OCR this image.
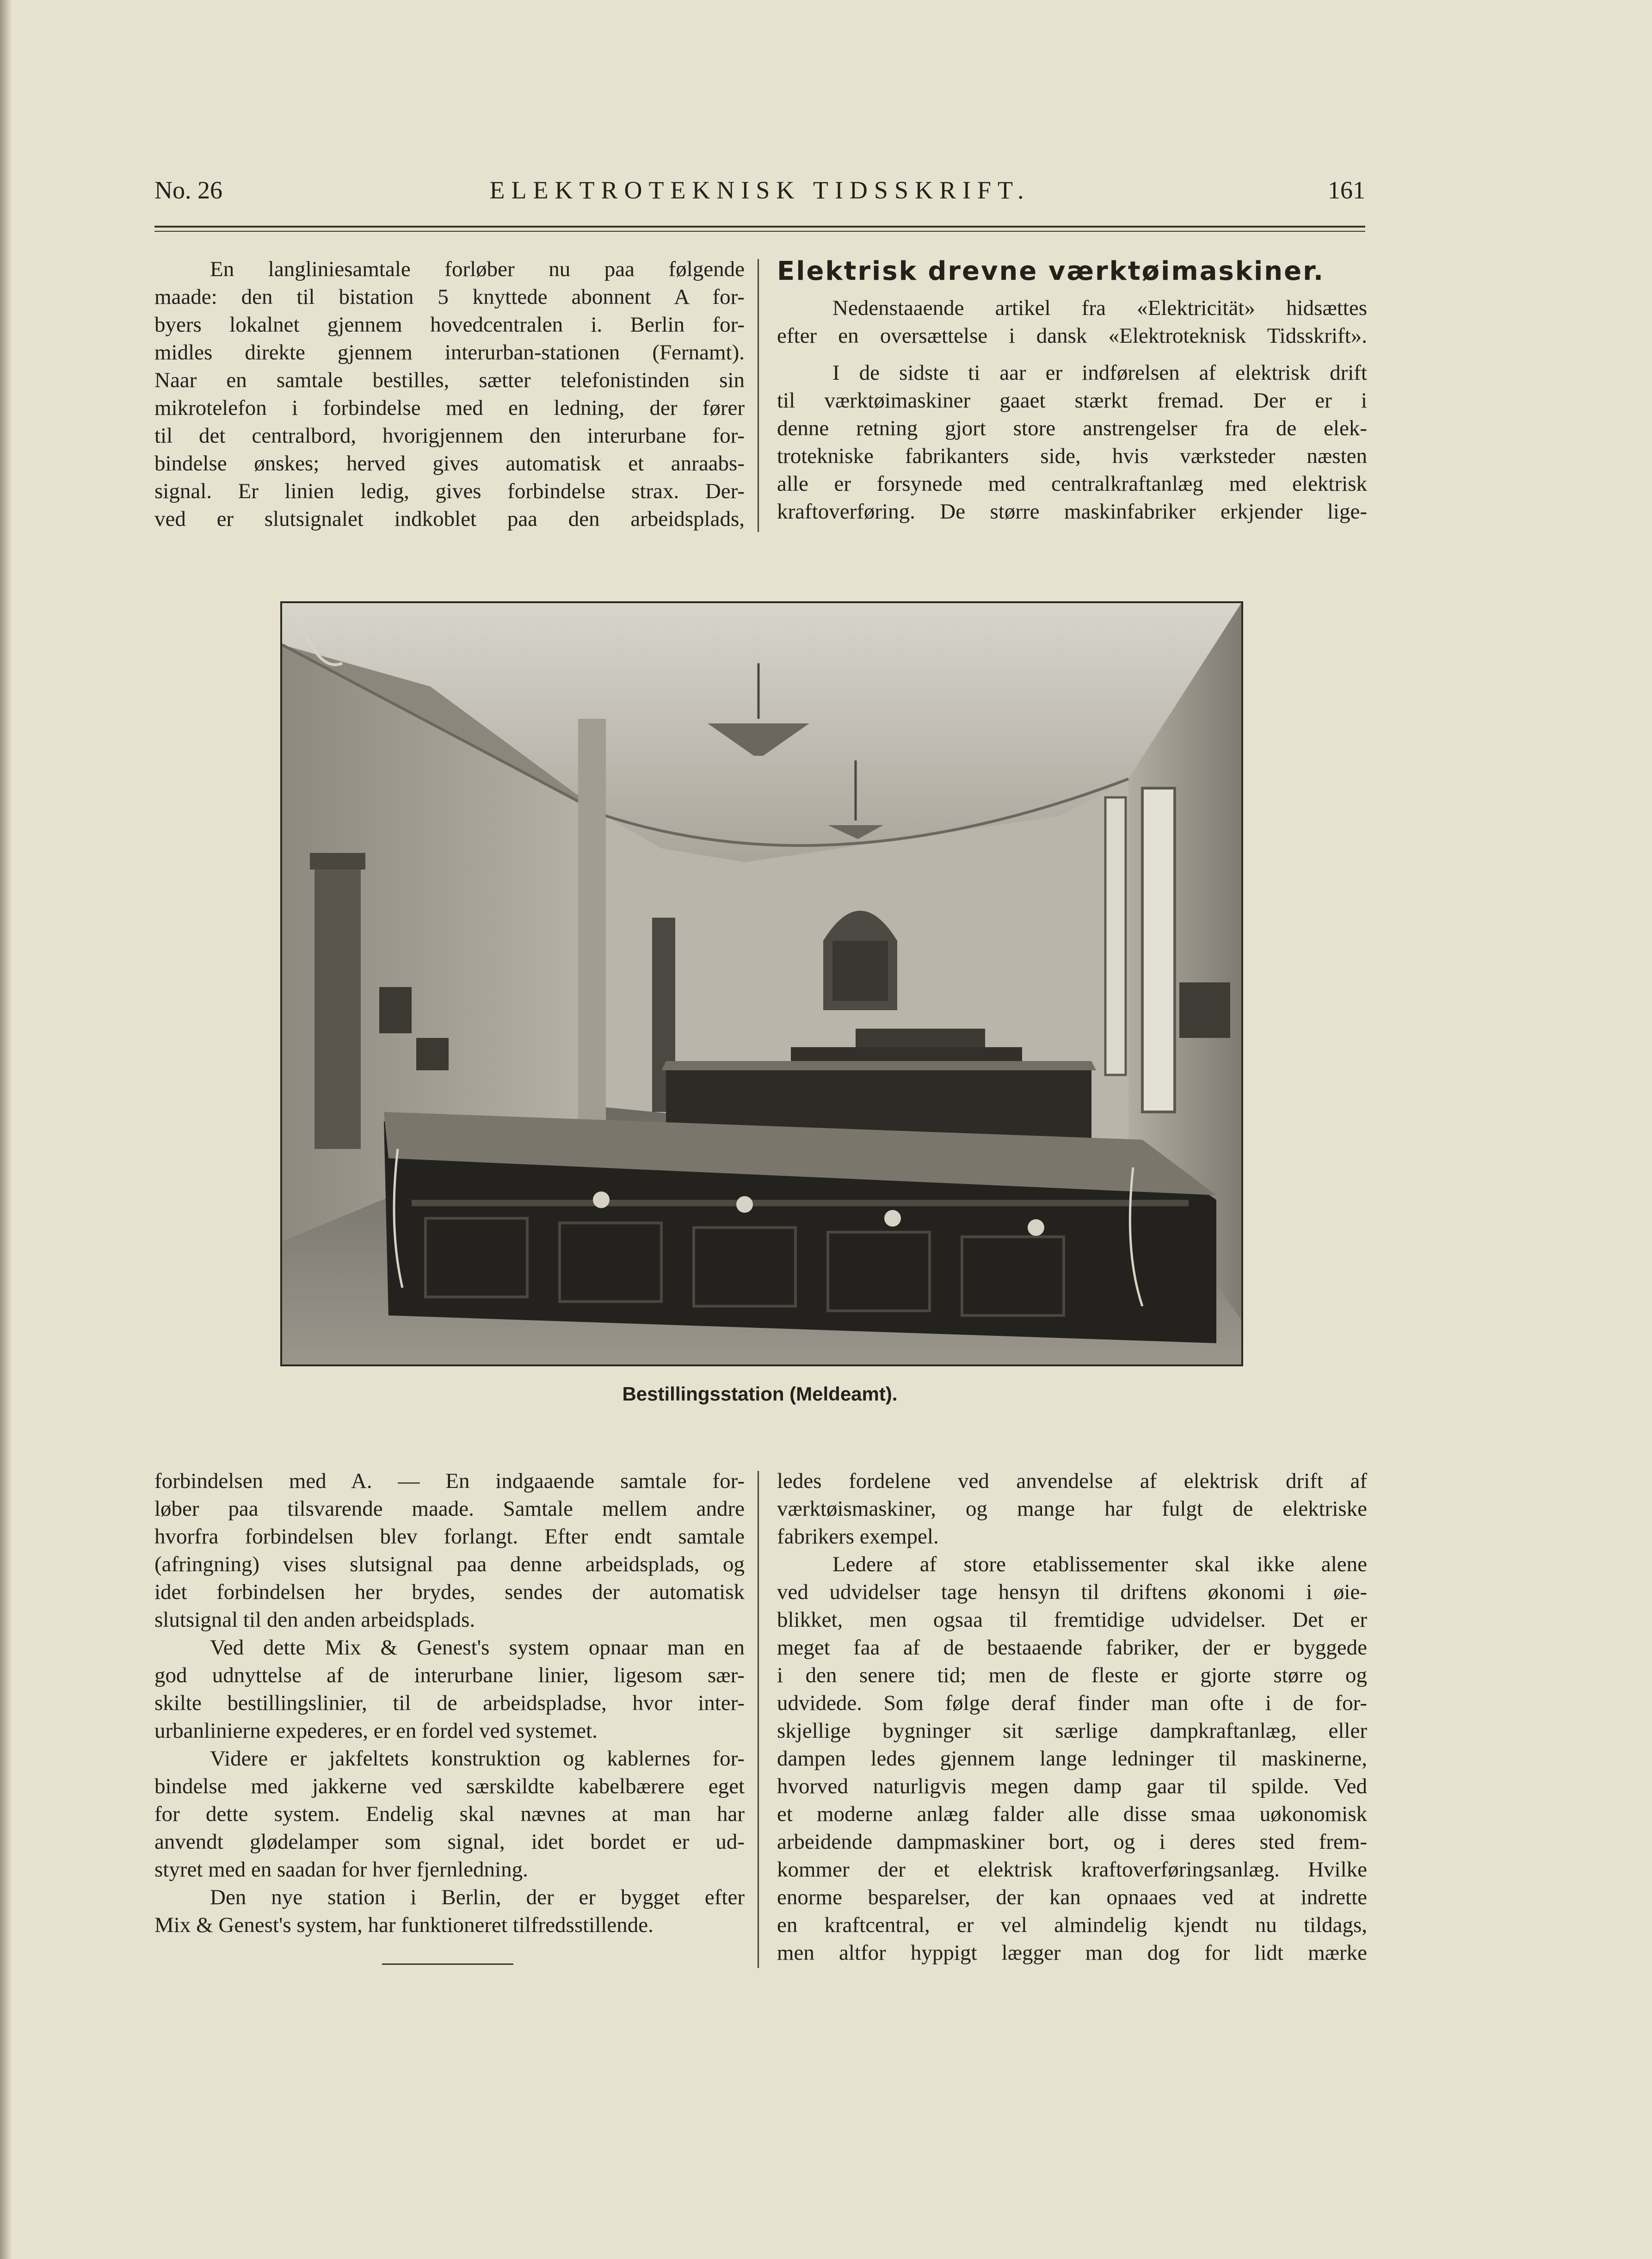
No. 26	ELEKTROTEKNISK TIDSSKRIFT.	161
En langliniesamtale forløber nu paa følgende
maade: den til bistation 5 knyttede abonnent A for-
byers lokalnet gjennem hovedcentralen i. Berlin for-
midles direkte gjennem interurban-stationen (Fernamt).
Naar en samtale bestilles, sætter telefonistinden sin
mikrotelefon i forbindelse med en ledning, der fører
til det centralbord, hvorigjennem den interurbane for-
bindelse ønskes; herved gives automatisk et anraabs-
signal. Er linien ledig, gives forbindelse strax. Der-
ved er slutsignalet indkoblet paa den arbeidsplads,
Elektrisk drevne værktøimaskiner.
Nedenstaaende artikel fra «Elektricität» hidsættes
efter en oversættelse i dansk «Elektroteknisk Tidsskrift».
I de sidste ti aar er indførelsen af elektrisk drift
til værktøimaskiner gaaet stærkt fremad. Der er i
denne retning gjort store anstrengelser fra de elek-
trotekniske fabrikanters side, hvis værksteder næsten
alle er forsynede med centralkraftanlæg med elektrisk
kraftoverføring. De større maskinfabriker erkjender lige-
Bestillingsstation (Meldeamt).
forbindelsen med A. — En indgaaende samtale for-
løber paa tilsvarende maade. Samtale mellem andre
hvorfra forbindelsen blev forlangt. Efter endt samtale
(afringning) vises slutsignal paa denne arbeidsplads, og
idet forbindelsen her brydes, sendes der automatisk
slutsignal til den anden arbeidsplads.
Ved dette Mix & Genest's system opnaar man en
god udnyttelse af de interurbane linier, ligesom sær-
skilte bestillingslinier, til de arbeidspladse, hvor inter-
urbanlinierne expederes, er en fordel ved systemet.
Videre er jakfeltets konstruktion og kablernes for-
bindelse med jakkerne ved særskildte kabelbærere eget
for dette system. Endelig skal nævnes at man har
anvendt glødelamper som signal, idet bordet er ud-
styret med en saadan for hver fjernledning.
Den nye station i Berlin, der er bygget efter
Mix & Genest's system, har funktioneret tilfredsstillende.
ledes fordelene ved anvendelse af elektrisk drift af
værktøismaskiner, og mange har fulgt de elektriske
fabrikers exempel.
Ledere af store etablissementer skal ikke alene
ved udvidelser tage hensyn til driftens økonomi i øie-
blikket, men ogsaa til fremtidige udvidelser. Det er
meget faa af de bestaaende fabriker, der er byggede
i den senere tid; men de fleste er gjorte større og
udvidede. Som følge deraf finder man ofte i de for-
skjellige bygninger sit særlige dampkraftanlæg, eller
dampen ledes gjennem lange ledninger til maskinerne,
hvorved naturligvis megen damp gaar til spilde. Ved
et moderne anlæg falder alle disse smaa uøkonomisk
arbeidende dampmaskiner bort, og i deres sted frem-
kommer der et elektrisk kraftoverføringsanlæg. Hvilke
enorme besparelser, der kan opnaaes ved at indrette
en kraftcentral, er vel almindelig kjendt nu tildags,
men altfor hyppigt lægger man dog for lidt mærke
